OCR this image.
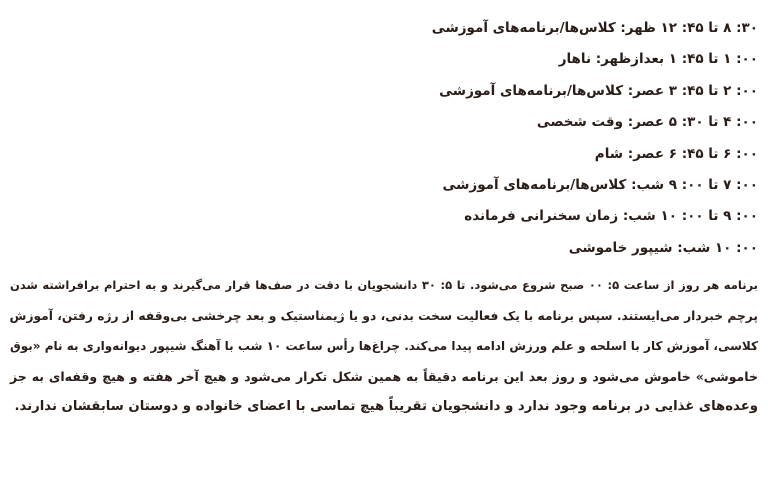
۳۰: ۸ تا ۴۵: ۱۲ ظهر: کلاس‌ها/برنامه‌های آموزشی
۰۰: ۱ تا ۴۵: ۱ بعدازظهر: ناهار
۰۰: ۲ تا ۴۵: ۳ عصر: کلاس‌ها/برنامه‌های آموزشی
۰۰: ۴ تا ۳۰: ۵ عصر: وقت شخصی
۰۰: ۶ تا ۴۵: ۶ عصر: شام
۰۰: ۷ تا ۰۰: ۹ شب: کلاس‌ها/برنامه‌های آموزشی
۰۰: ۹ تا ۰۰: ۱۰ شب: زمان سخنرانی فرمانده
۰۰: ۱۰ شب: شیپور خاموشی

برنامه هر روز از ساعت ۵: ۰۰ صبح شروع می‌شود. تا ۵: ۳۰ دانشجویان با دقت در صف‌ها قرار می‌گیرند و به احترام برافراشته شدن
پرچم خبردار می‌ایستند. سپس برنامه با یک فعالیت سخت بدنی، دو یا ژیمناستیک و بعد چرخشی بی‌وقفه از رژه رفتن، آموزش
کلاسی، آموزش کار با اسلحه و علم ورزش ادامه پیدا می‌کند. چراغ‌ها رأس ساعت ۱۰ شب با آهنگ شیپور دیوانه‌واری به نام «بوق
خاموشی» خاموش می‌شود و روز بعد این برنامه دقیقاً به همین شکل تکرار می‌شود و هیچ آخر هفته و هیچ وقفه‌ای به جز
وعده‌های غذایی در برنامه وجود ندارد و دانشجویان تقریباً هیچ تماسی با اعضای خانواده و دوستان سابقشان ندارند.
